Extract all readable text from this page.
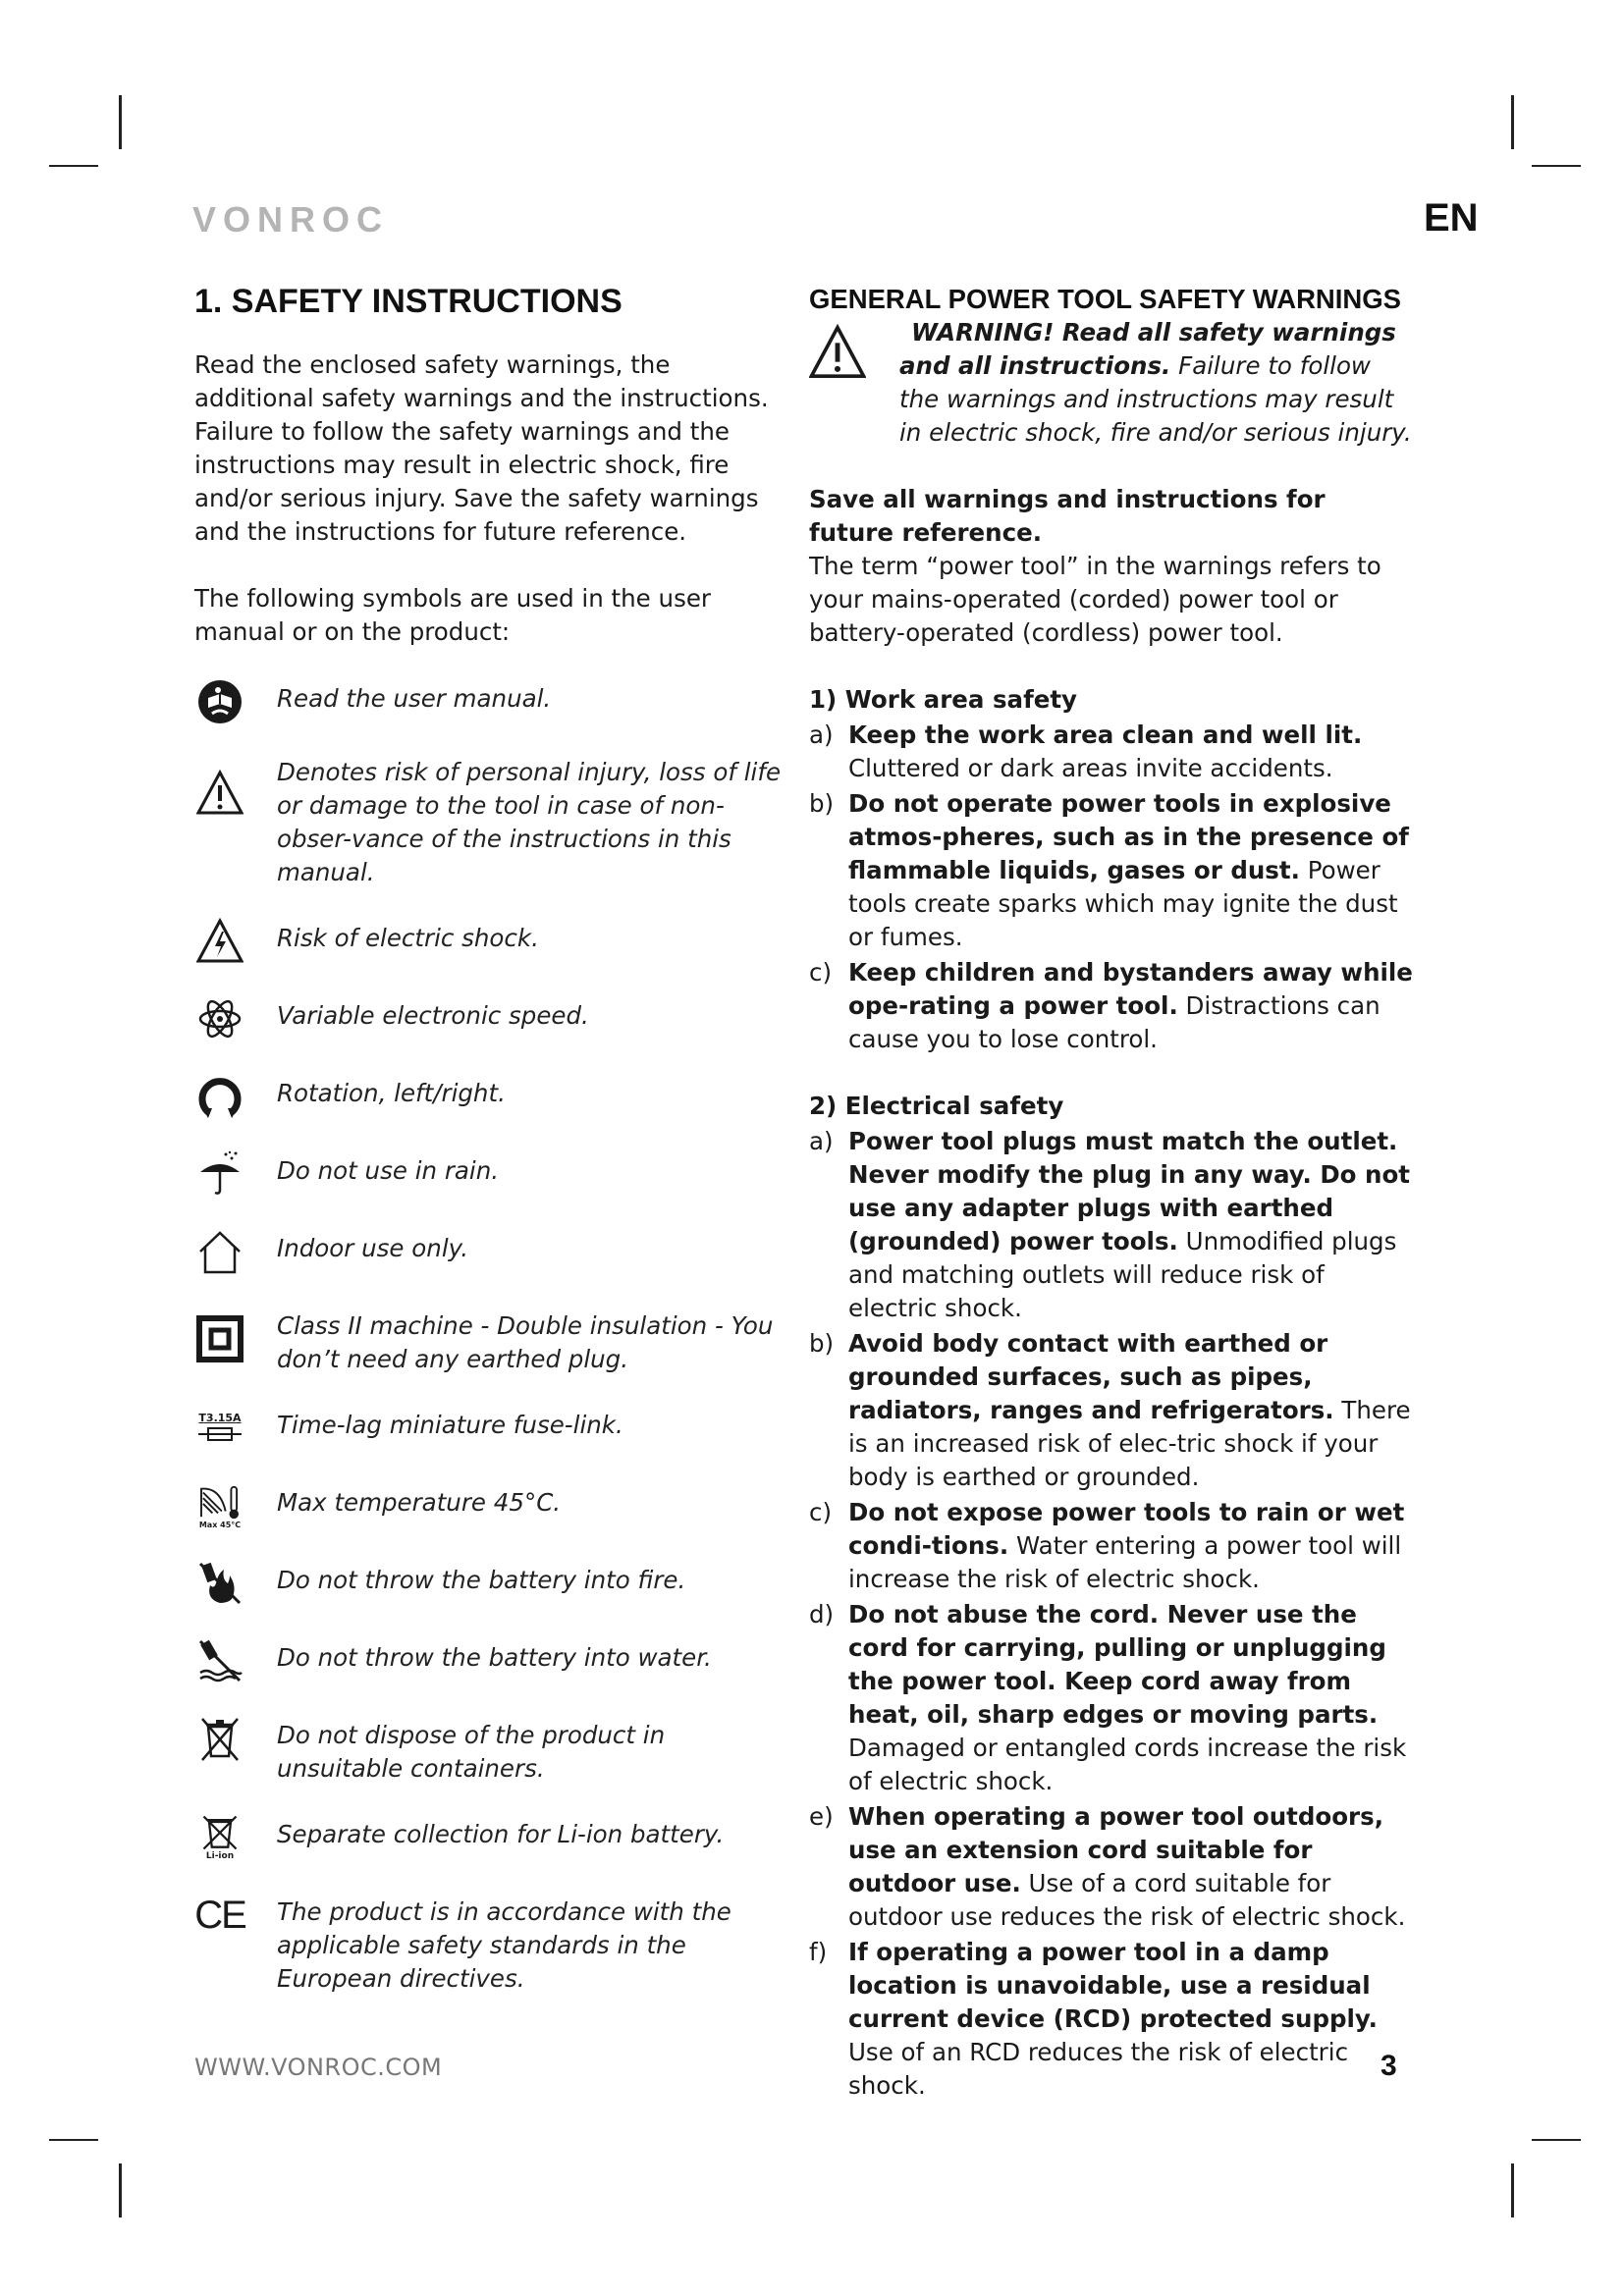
VONROC	EN
1. SAFETY INSTRUCTIONS

Read the enclosed safety warnings, the additional safety warnings and the instructions. Failure to follow the safety warnings and the instructions may result in electric shock, fire and/or serious injury. Save the safety warnings and the instructions for future reference.

The following symbols are used in the user manual or on the product:

Read the user manual.
Denotes risk of personal injury, loss of life or damage to the tool in case of non-obser-vance of the instructions in this manual.
Risk of electric shock.
Variable electronic speed.
Rotation, left/right.
Do not use in rain.
Indoor use only.
Class II machine - Double insulation - You don’t need any earthed plug.
T3.15A Time-lag miniature fuse-link.
Max 45°C
Max temperature 45°C.
Do not throw the battery into fire.
Do not throw the battery into water.
Do not dispose of the product in unsuitable containers.
Li-ion
Separate collection for Li-ion battery.
CE The product is in accordance with the applicable safety standards in the European directives.
GENERAL POWER TOOL SAFETY WARNINGS
WARNING! Read all safety warnings and all instructions. Failure to follow the warnings and instructions may result in electric shock, fire and/or serious injury.

Save all warnings and instructions for future reference.

The term “power tool” in the warnings refers to your mains-operated (corded) power tool or battery-operated (cordless) power tool.

1) Work area safety
a) Keep the work area clean and well lit. Cluttered or dark areas invite accidents.
b) Do not operate power tools in explosive atmos-pheres, such as in the presence of flammable liquids, gases or dust. Power tools create sparks which may ignite the dust or fumes.
c) Keep children and bystanders away while ope-rating a power tool. Distractions can cause you to lose control.
2) Electrical safety
a) Power tool plugs must match the outlet. Never modify the plug in any way. Do not use any adapter plugs with earthed (grounded) power tools. Unmodified plugs and matching outlets will reduce risk of electric shock.
b) Avoid body contact with earthed or grounded surfaces, such as pipes, radiators, ranges and refrigerators. There is an increased risk of elec-tric shock if your body is earthed or grounded.
c) Do not expose power tools to rain or wet condi-tions. Water entering a power tool will increase the risk of electric shock.
d) Do not abuse the cord. Never use the cord for carrying, pulling or unplugging the power tool. Keep cord away from heat, oil, sharp edges or moving parts. Damaged or entangled cords increase the risk of electric shock.
e) When operating a power tool outdoors, use an extension cord suitable for outdoor use. Use of a cord suitable for outdoor use reduces the risk of electric shock.
f) If operating a power tool in a damp location is unavoidable, use a residual current device (RCD) protected supply. Use of an RCD reduces the risk of electric shock.
WWW.VONROC.COM	3
